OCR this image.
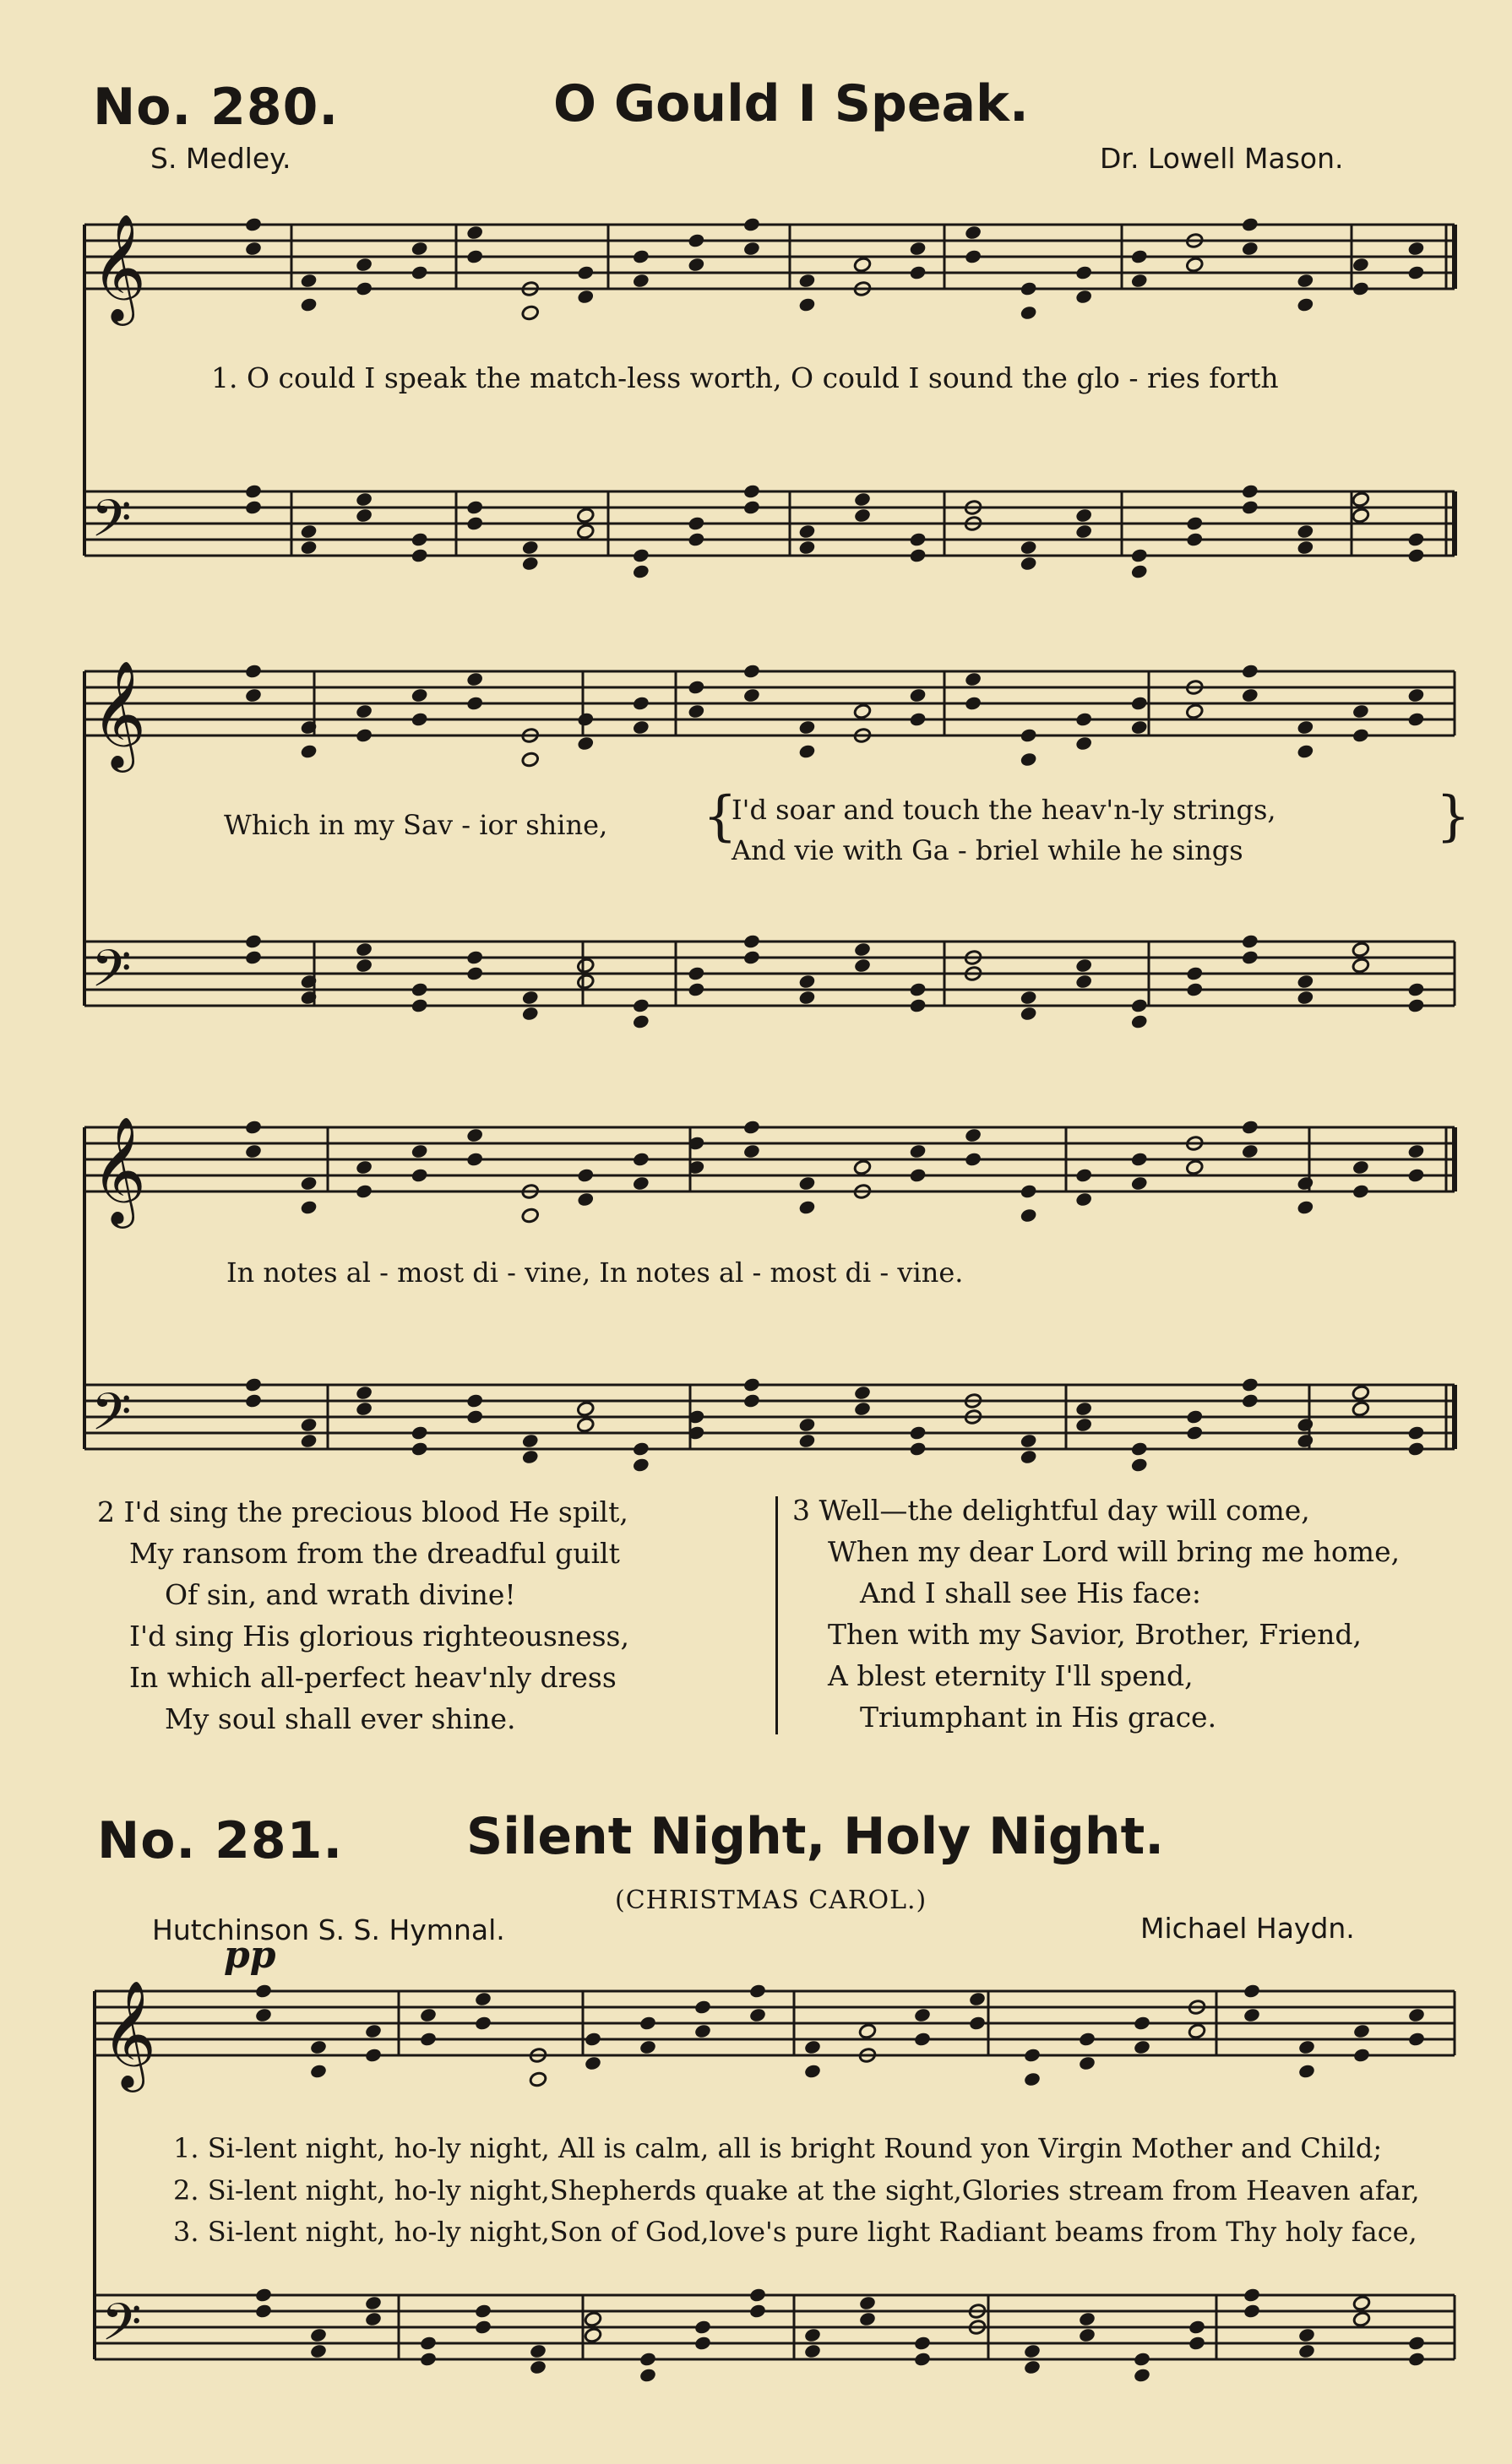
No. 280.	O Gould I Speak.
S. Medley.	Dr. Lowell Mason.
𝄞
𝄢
𝄞
𝄢
𝄞
𝄢
𝄞
𝄢
1. O could I speak the match-less worth, O could I sound the glo - ries forth
Which in my Sav - ior shine, {
I'd soar and touch the heav'n-ly strings,
And vie with Ga - briel while he sings
}
In notes al - most di - vine, In notes al - most di - vine.
2 I'd sing the precious blood He spilt,
My ransom from the dreadful guilt
Of sin, and wrath divine!
I'd sing His glorious righteousness,
In which all-perfect heav'nly dress
My soul shall ever shine.
3 Well—the delightful day will come,
When my dear Lord will bring me home,
And I shall see His face:
Then with my Savior, Brother, Friend,
A blest eternity I'll spend,
Triumphant in His grace.
No. 281. Silent Night, Holy Night.
(CHRISTMAS CAROL.)
Hutchinson S. S. Hymnal.	Michael Haydn.
pp
1. Si-lent night, ho-ly night, All is calm, all is bright Round yon Virgin Mother and Child;
2. Si-lent night, ho-ly night,Shepherds quake at the sight,Glories stream from Heaven afar,
3. Si-lent night, ho-ly night,Son of God,love's pure light Radiant beams from Thy holy face,
